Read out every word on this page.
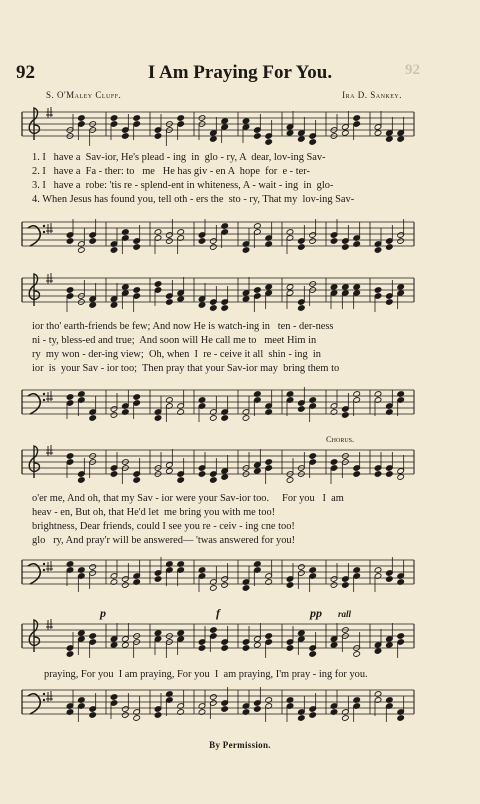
92	I Am Praying For You.	92
S. O'Maley Cluff.	Ira D. Sankey.
1. I   have a  Sav-ior, He's plead - ing  in  glo - ry, A  dear, lov-ing Sav-
2. I   have a  Fa - ther: to   me   He has giv - en A  hope  for  e - ter-
3. I   have a  robe: 'tis re - splend-ent in whiteness, A - wait - ing  in  glo-
4. When Jesus has found you, tell oth - ers the  sto - ry, That my  lov-ing Sav-
ior tho' earth-friends be few; And now He is watch-ing in   ten - der-ness
ni - ty, bless-ed and true;  And soon will He call me to   meet Him in
ry  my won - der-ing view;  Oh, when  I  re - ceive it all  shin - ing  in
ior  is  your Sav - ior too;  Then pray that your Sav-ior may  bring them to
Chorus.
o'er me, And oh, that my Sav - ior were your Sav-ior too.     For you   I  am
heav - en, But oh, that He'd let  me bring you with me too!
brightness, Dear friends, could I see you re - ceiv - ing cne too!
glo   ry, And pray'r will be answered— 'twas answered for you!
p	f	pp rall
praying, For you  I am praying, For you  I  am praying, I'm pray - ing for you.
By Permission.
